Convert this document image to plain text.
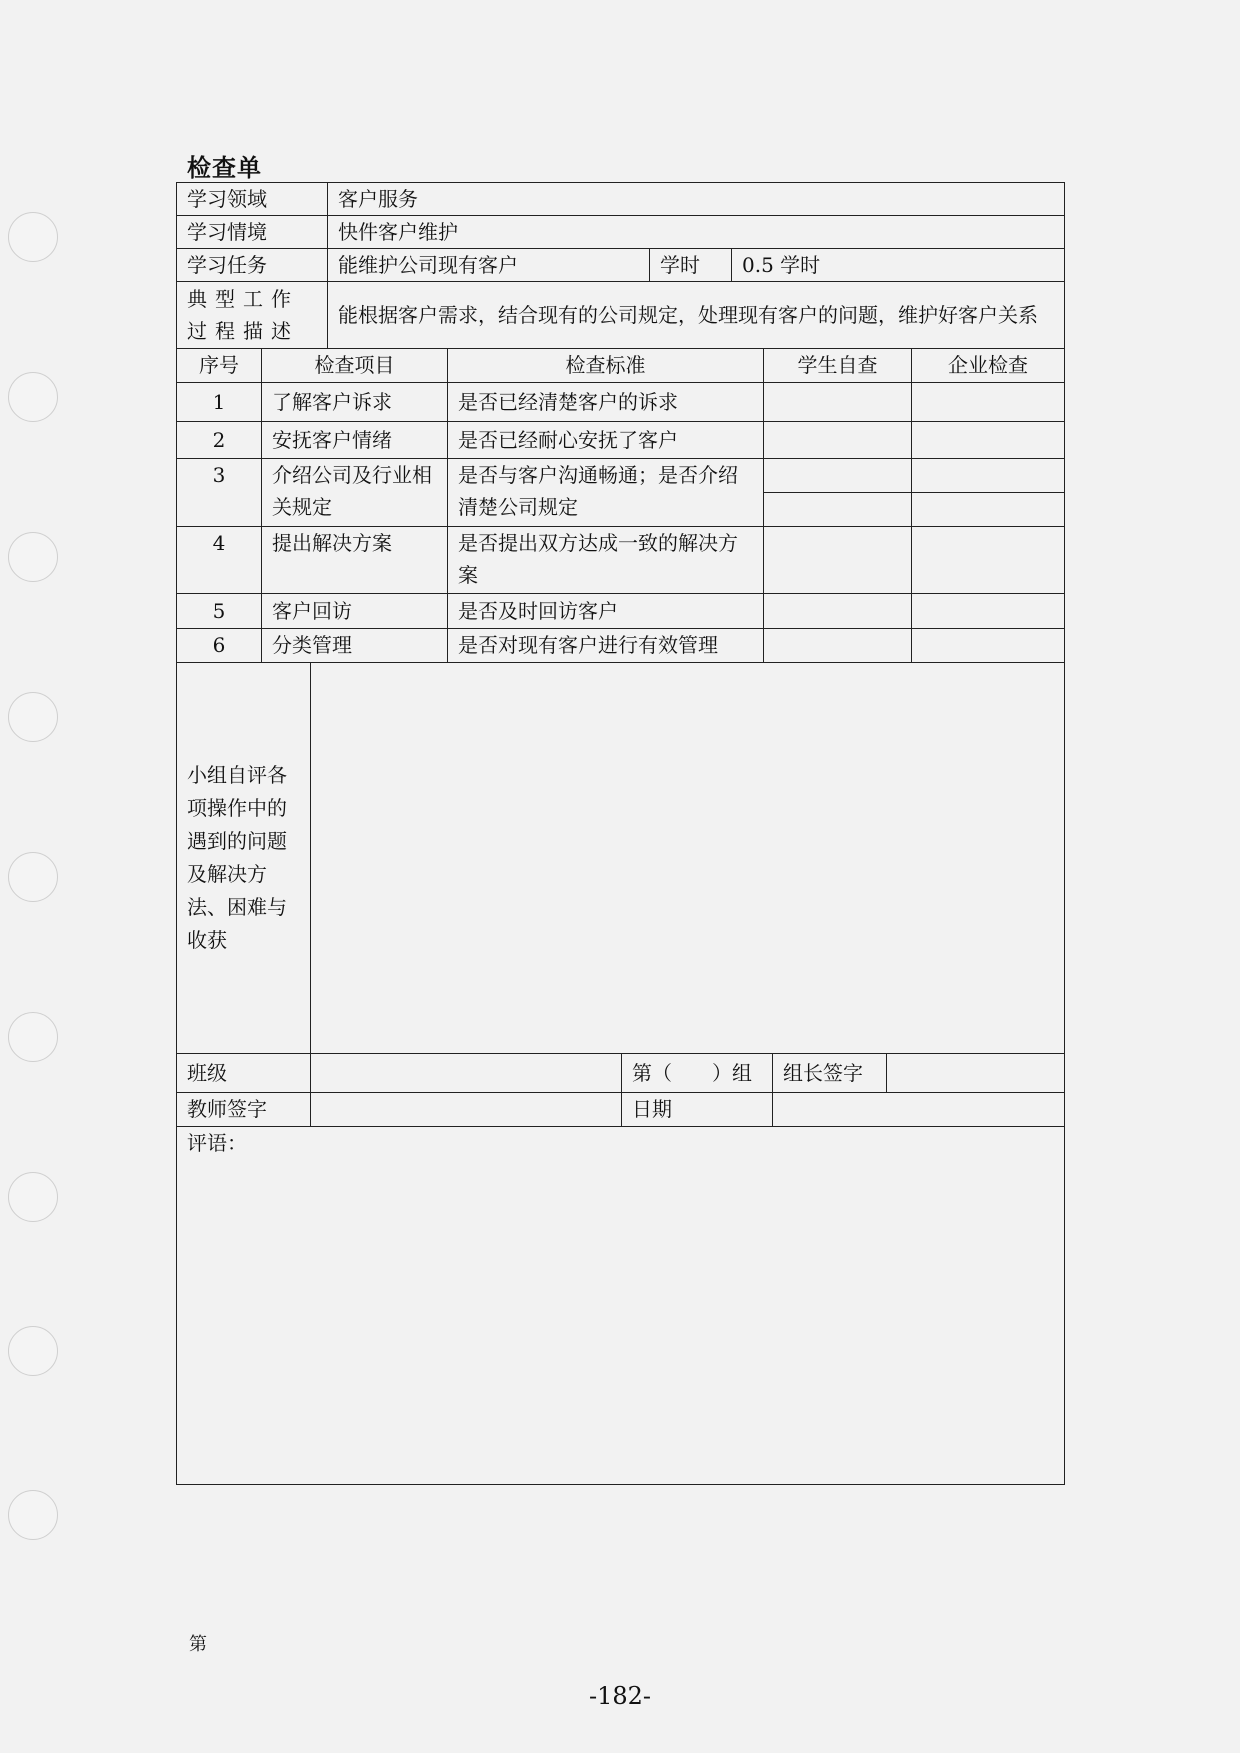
检查单
学习领域	客户服务		
学习情境	快件客户维护		
学习任务	能维护公司现有客户	学时	0.5 学时
典型工作过程描述	能根据客户需求，结合现有的公司规定，处理现有客户的问题，维护好客户关系		
序号	检查项目	检查标准	学生自查	企业检查
1	了解客户诉求	是否已经清楚客户的诉求		
2	安抚客户情绪	是否已经耐心安抚了客户		
3	介绍公司及行业相关规定	是否与客户沟通畅通；是否介绍清楚公司规定	

4	提出解决方案	是否提出双方达成一致的解决方案		
5	客户回访	是否及时回访客户		
6	分类管理	是否对现有客户进行有效管理		
小组自评各项操作中的遇到的问题及解决方法、困难与收获	
班级		第（　　）组	组长签字	
教师签字		日期		
评语：
第
-182-
